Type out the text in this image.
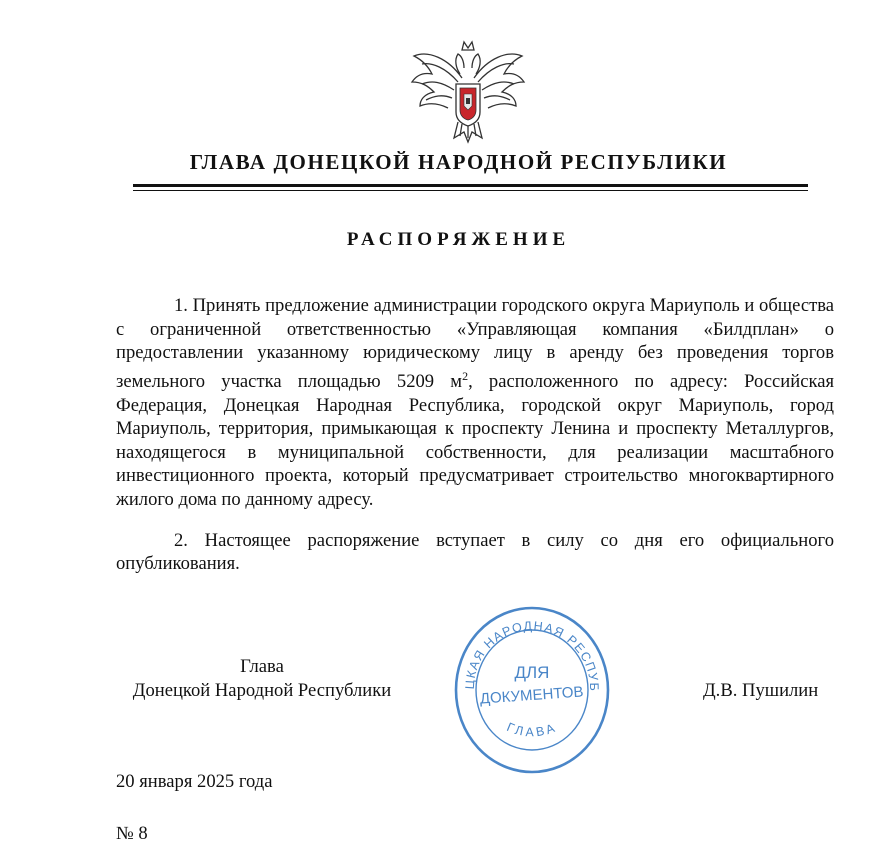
ГЛАВА ДОНЕЦКОЙ НАРОДНОЙ РЕСПУБЛИКИ
РАСПОРЯЖЕНИЕ

1. Принять предложение администрации городского округа Мариуполь и общества с ограниченной ответственностью «Управляющая компания «Билдплан» о предоставлении указанному юридическому лицу в аренду без проведения торгов земельного участка площадью 5209 $м^2$, расположенного по адресу: Российская Федерация, Донецкая Народная Республика, городской округ Мариуполь, город Мариуполь, территория, примыкающая к проспекту Ленина и проспекту Металлургов, находящегося в муниципальной собственности, для реализации масштабного инвестиционного проекта, который предусматривает строительство многоквартирного жилого дома по данному адресу.

2. Настоящее распоряжение вступает в силу со дня его официального опубликования.

Глава
Донецкой Народной Республики	ЦКАЯ НАРОДНАЯ РЕСПУБ
ГЛАВА
ДЛЯ
ДОКУМЕНТОВ	Д.В. Пушилин
20 января 2025 года
№ 8
